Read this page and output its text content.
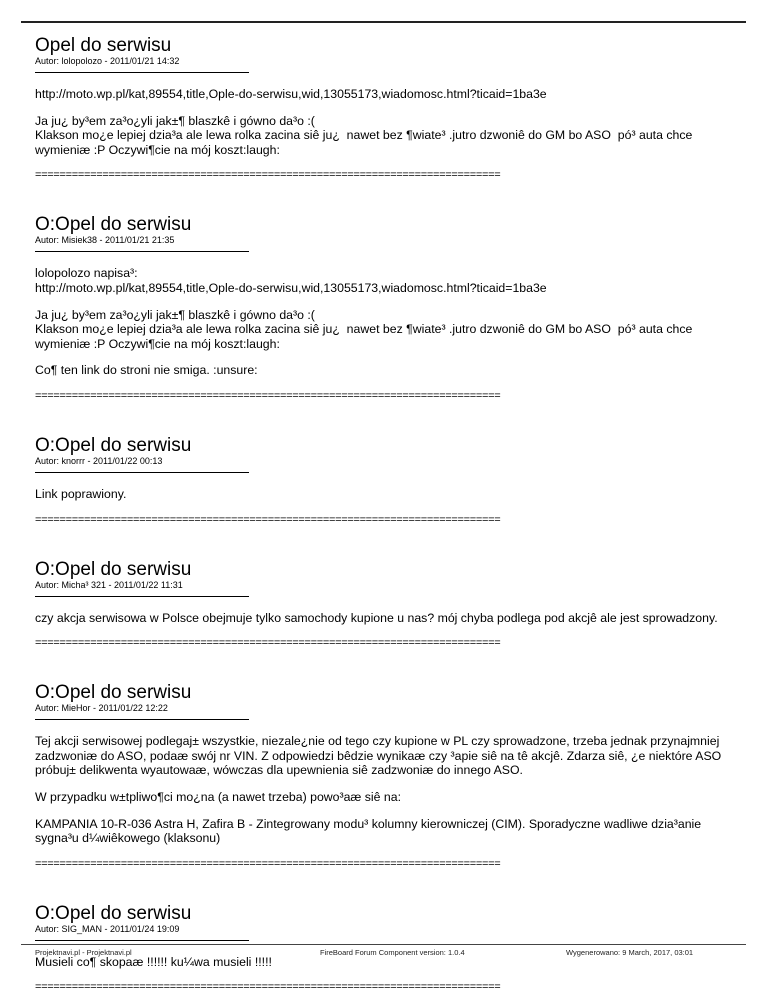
Opel do serwisu

Autor: lolopolozo - 2011/01/21 14:32

http://moto.wp.pl/kat,89554,title,Ople-do-serwisu,wid,13055173,wiadomosc.html?ticaid=1ba3e

Ja ju¿ by³em za³o¿yli jak±¶ blaszkê i gówno da³o :(
Klakson mo¿e lepiej dzia³a ale lewa rolka zacina siê ju¿  nawet bez ¶wiate³ .jutro dzwoniê do GM bo ASO  pó³ auta chce wymieniæ :P Oczywi¶cie na mój koszt:laugh:

============================================================================

O:Opel do serwisu

Autor: Misiek38 - 2011/01/21 21:35

lolopolozo napisa³:
http://moto.wp.pl/kat,89554,title,Ople-do-serwisu,wid,13055173,wiadomosc.html?ticaid=1ba3e

Ja ju¿ by³em za³o¿yli jak±¶ blaszkê i gówno da³o :(
Klakson mo¿e lepiej dzia³a ale lewa rolka zacina siê ju¿  nawet bez ¶wiate³ .jutro dzwoniê do GM bo ASO  pó³ auta chce wymieniæ :P Oczywi¶cie na mój koszt:laugh:

Co¶ ten link do stroni nie smiga. :unsure:

============================================================================

O:Opel do serwisu

Autor: knorrr - 2011/01/22 00:13

Link poprawiony.

============================================================================

O:Opel do serwisu

Autor: Micha³ 321 - 2011/01/22 11:31

czy akcja serwisowa w Polsce obejmuje tylko samochody kupione u nas? mój chyba podlega pod akcjê ale jest sprowadzony.

============================================================================

O:Opel do serwisu

Autor: MieHor - 2011/01/22 12:22

Tej akcji serwisowej podlegaj± wszystkie, niezale¿nie od tego czy kupione w PL czy sprowadzone, trzeba jednak przynajmniej zadzwoniæ do ASO, podaæ swój nr VIN. Z odpowiedzi bêdzie wynikaæ czy ³apie siê na tê akcjê. Zdarza siê, ¿e niektóre ASO próbuj± delikwenta wyautowaæ, wówczas dla upewnienia siê zadzwoniæ do innego ASO.

W przypadku w±tpliwo¶ci mo¿na (a nawet trzeba) powo³aæ siê na:

KAMPANIA 10-R-036 Astra H, Zafira B - Zintegrowany modu³ kolumny kierowniczej (CIM). Sporadyczne wadliwe dzia³anie sygna³u d¼wiêkowego (klaksonu)

============================================================================

O:Opel do serwisu

Autor: SIG_MAN - 2011/01/24 19:09

Musieli co¶ skopaæ !!!!!! ku¼wa musieli !!!!!

============================================================================

Projektnavi.pl - Projektnavi.pl	FireBoard Forum Component version: 1.0.4	Wygenerowano: 9 March, 2017, 03:01
